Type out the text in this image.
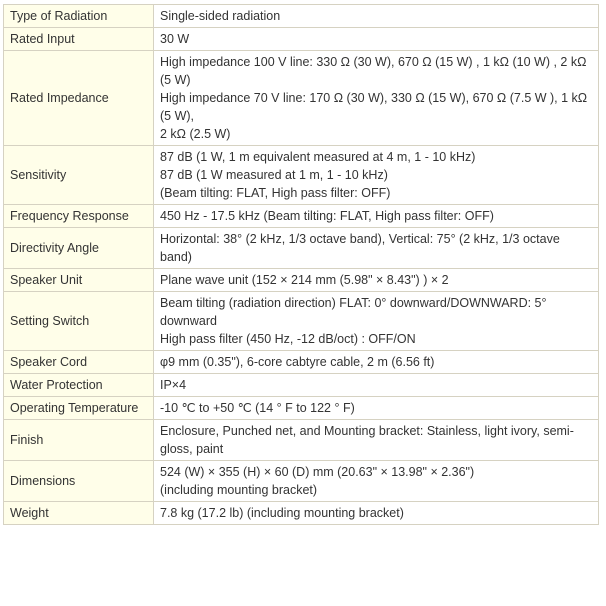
Type of Radiation	Single-sided radiation

Rated Input	30 W

Rated Impedance	High impedance 100 V line: 330 Ω (30 W), 670 Ω (15 W) , 1 kΩ (10 W) , 2 kΩ (5 W)
High impedance 70 V line: 170 Ω (30 W), 330 Ω (15 W), 670 Ω (7.5 W ), 1 kΩ (5 W),
2 kΩ (2.5 W)

Sensitivity	87 dB (1 W, 1 m equivalent measured at 4 m, 1 - 10 kHz)
87 dB (1 W measured at 1 m, 1 - 10 kHz)
(Beam tilting: FLAT, High pass filter: OFF)

Frequency Response	450 Hz - 17.5 kHz (Beam tilting: FLAT, High pass filter: OFF)

Directivity Angle	Horizontal: 38° (2 kHz, 1/3 octave band), Vertical: 75° (2 kHz, 1/3 octave band)

Speaker Unit	Plane wave unit (152 × 214 mm (5.98" × 8.43") ) × 2

Setting Switch	Beam tilting (radiation direction) FLAT: 0° downward/DOWNWARD: 5° downward
High pass filter (450 Hz, -12 dB/oct) : OFF/ON

Speaker Cord	φ9 mm (0.35"), 6-core cabtyre cable, 2 m (6.56 ft)

Water Protection	IP×4

Operating Temperature	-10 ℃ to +50 ℃ (14 ° F to 122 ° F)

Finish	Enclosure, Punched net, and Mounting bracket: Stainless, light ivory, semi-gloss, paint

Dimensions	524 (W) × 355 (H) × 60 (D) mm (20.63" × 13.98" × 2.36")
(including mounting bracket)

Weight	7.8 kg (17.2 lb) (including mounting bracket)
